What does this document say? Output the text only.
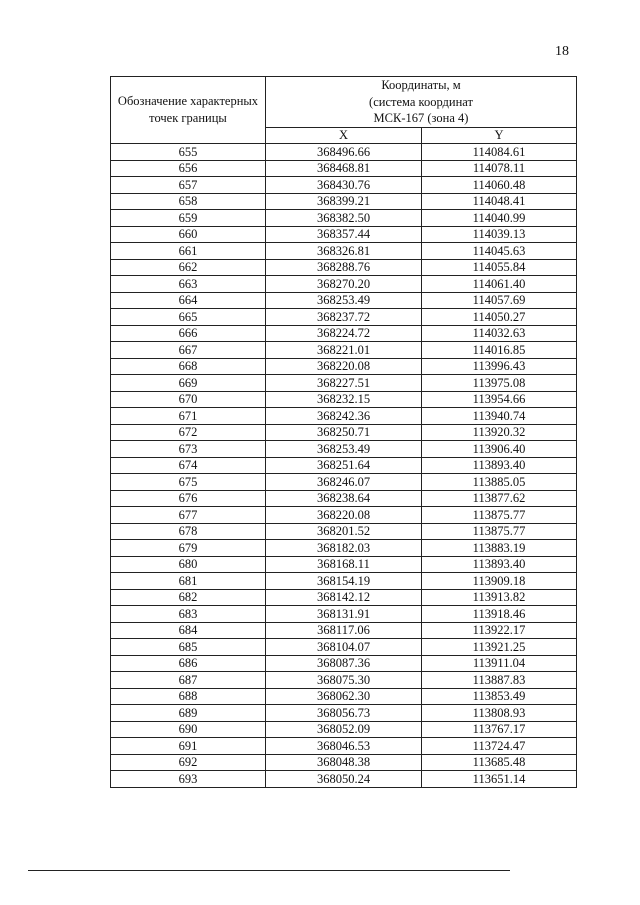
18
Обозначение характерных точек границы	Координаты, м
(система координат
МСК-167 (зона 4)	

	X	Y
655	368496.66	114084.61
656	368468.81	114078.11
657	368430.76	114060.48
658	368399.21	114048.41
659	368382.50	114040.99
660	368357.44	114039.13
661	368326.81	114045.63
662	368288.76	114055.84
663	368270.20	114061.40
664	368253.49	114057.69
665	368237.72	114050.27
666	368224.72	114032.63
667	368221.01	114016.85
668	368220.08	113996.43
669	368227.51	113975.08
670	368232.15	113954.66
671	368242.36	113940.74
672	368250.71	113920.32
673	368253.49	113906.40
674	368251.64	113893.40
675	368246.07	113885.05
676	368238.64	113877.62
677	368220.08	113875.77
678	368201.52	113875.77
679	368182.03	113883.19
680	368168.11	113893.40
681	368154.19	113909.18
682	368142.12	113913.82
683	368131.91	113918.46
684	368117.06	113922.17
685	368104.07	113921.25
686	368087.36	113911.04
687	368075.30	113887.83
688	368062.30	113853.49
689	368056.73	113808.93
690	368052.09	113767.17
691	368046.53	113724.47
692	368048.38	113685.48
693	368050.24	113651.14
